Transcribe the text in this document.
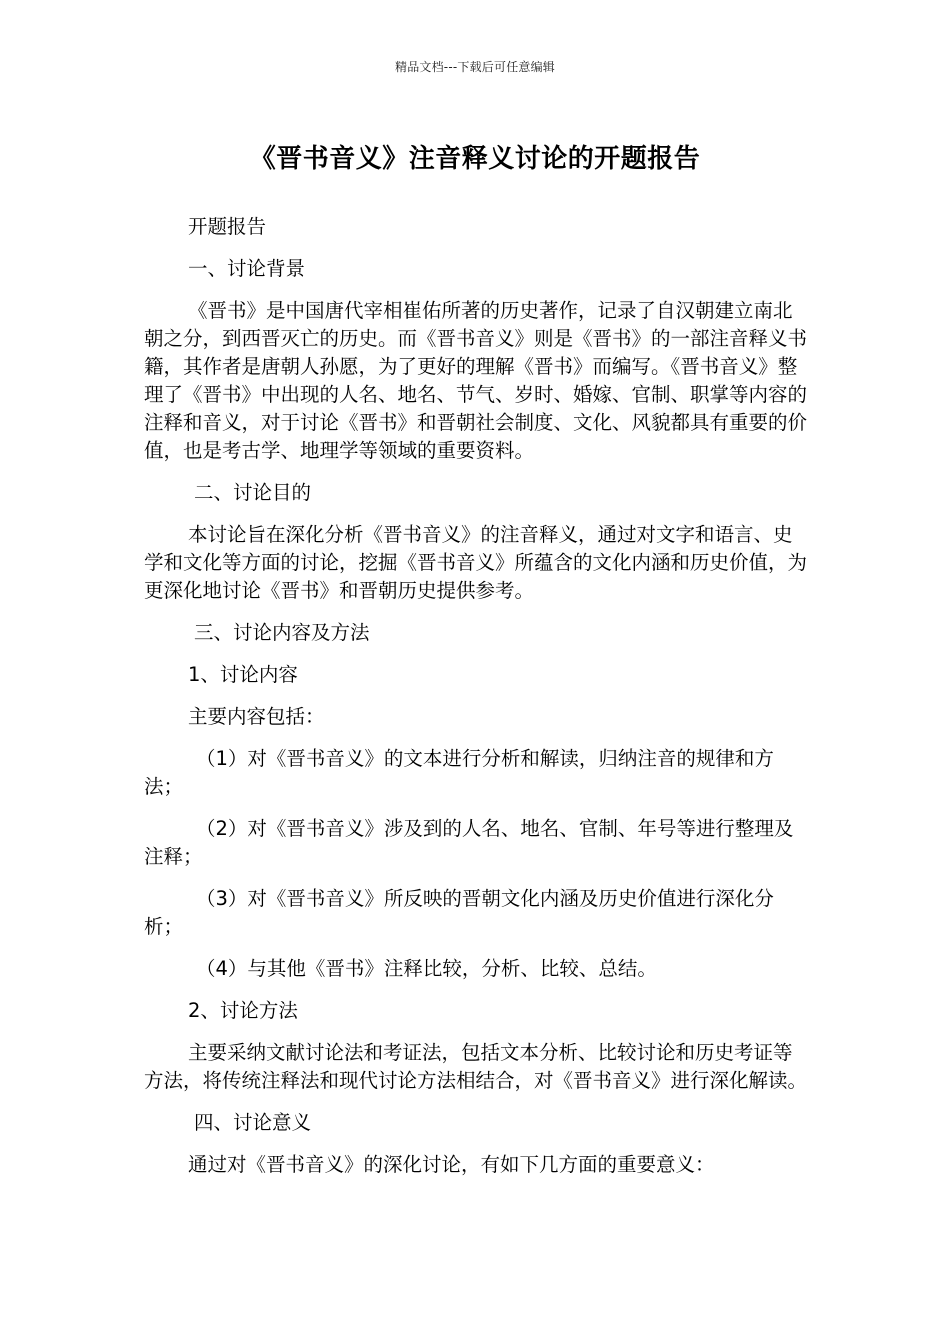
精品文档---下载后可任意编辑
《晋书音义》注音释义讨论的开题报告

开题报告

一、讨论背景

《晋书》是中国唐代宰相崔佑所著的历史著作，记录了自汉朝建立南北朝之分，到西晋灭亡的历史。而《晋书音义》则是《晋书》的一部注音释义书籍，其作者是唐朝人孙愿，为了更好的理解《晋书》而编写。《晋书音义》整理了《晋书》中出现的人名、地名、节气、岁时、婚嫁、官制、职掌等内容的注释和音义，对于讨论《晋书》和晋朝社会制度、文化、风貌都具有重要的价值，也是考古学、地理学等领域的重要资料。

二、讨论目的

本讨论旨在深化分析《晋书音义》的注音释义，通过对文字和语言、史学和文化等方面的讨论，挖掘《晋书音义》所蕴含的文化内涵和历史价值，为更深化地讨论《晋书》和晋朝历史提供参考。

三、讨论内容及方法

1、讨论内容

主要内容包括：

（1）对《晋书音义》的文本进行分析和解读，归纳注音的规律和方法；

（2）对《晋书音义》涉及到的人名、地名、官制、年号等进行整理及注释；

（3）对《晋书音义》所反映的晋朝文化内涵及历史价值进行深化分析；

（4）与其他《晋书》注释比较，分析、比较、总结。

2、讨论方法

主要采纳文献讨论法和考证法，包括文本分析、比较讨论和历史考证等方法，将传统注释法和现代讨论方法相结合，对《晋书音义》进行深化解读。

四、讨论意义

通过对《晋书音义》的深化讨论，有如下几方面的重要意义：
